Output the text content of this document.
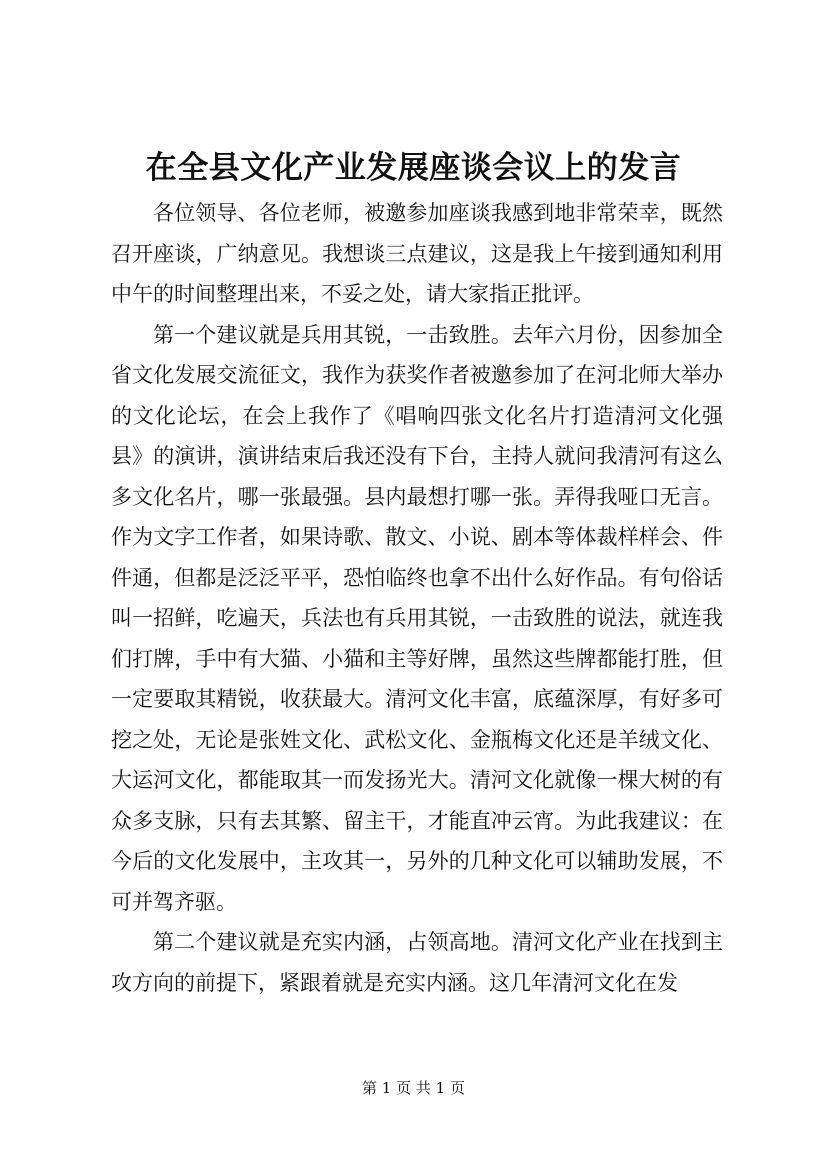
在全县文化产业发展座谈会议上的发言

各位领导、各位老师，被邀参加座谈我感到地非常荣幸，既然召开座谈，广纳意见。我想谈三点建议，这是我上午接到通知利用中午的时间整理出来，不妥之处，请大家指正批评。

第一个建议就是兵用其锐，一击致胜。去年六月份，因参加全省文化发展交流征文，我作为获奖作者被邀参加了在河北师大举办的文化论坛，在会上我作了《唱响四张文化名片打造清河文化强县》的演讲，演讲结束后我还没有下台，主持人就问我清河有这么多文化名片，哪一张最强。县内最想打哪一张。弄得我哑口无言。作为文字工作者，如果诗歌、散文、小说、剧本等体裁样样会、件件通，但都是泛泛平平，恐怕临终也拿不出什么好作品。有句俗话叫一招鲜，吃遍天，兵法也有兵用其锐，一击致胜的说法，就连我们打牌，手中有大猫、小猫和主等好牌，虽然这些牌都能打胜，但一定要取其精锐，收获最大。清河文化丰富，底蕴深厚，有好多可挖之处，无论是张姓文化、武松文化、金瓶梅文化还是羊绒文化、大运河文化，都能取其一而发扬光大。清河文化就像一棵大树的有众多支脉，只有去其繁、留主干，才能直冲云宵。为此我建议：在今后的文化发展中，主攻其一，另外的几种文化可以辅助发展，不可并驾齐驱。

第二个建议就是充实内涵，占领高地。清河文化产业在找到主攻方向的前提下，紧跟着就是充实内涵。这几年清河文化在发

第 1 页 共 1 页
